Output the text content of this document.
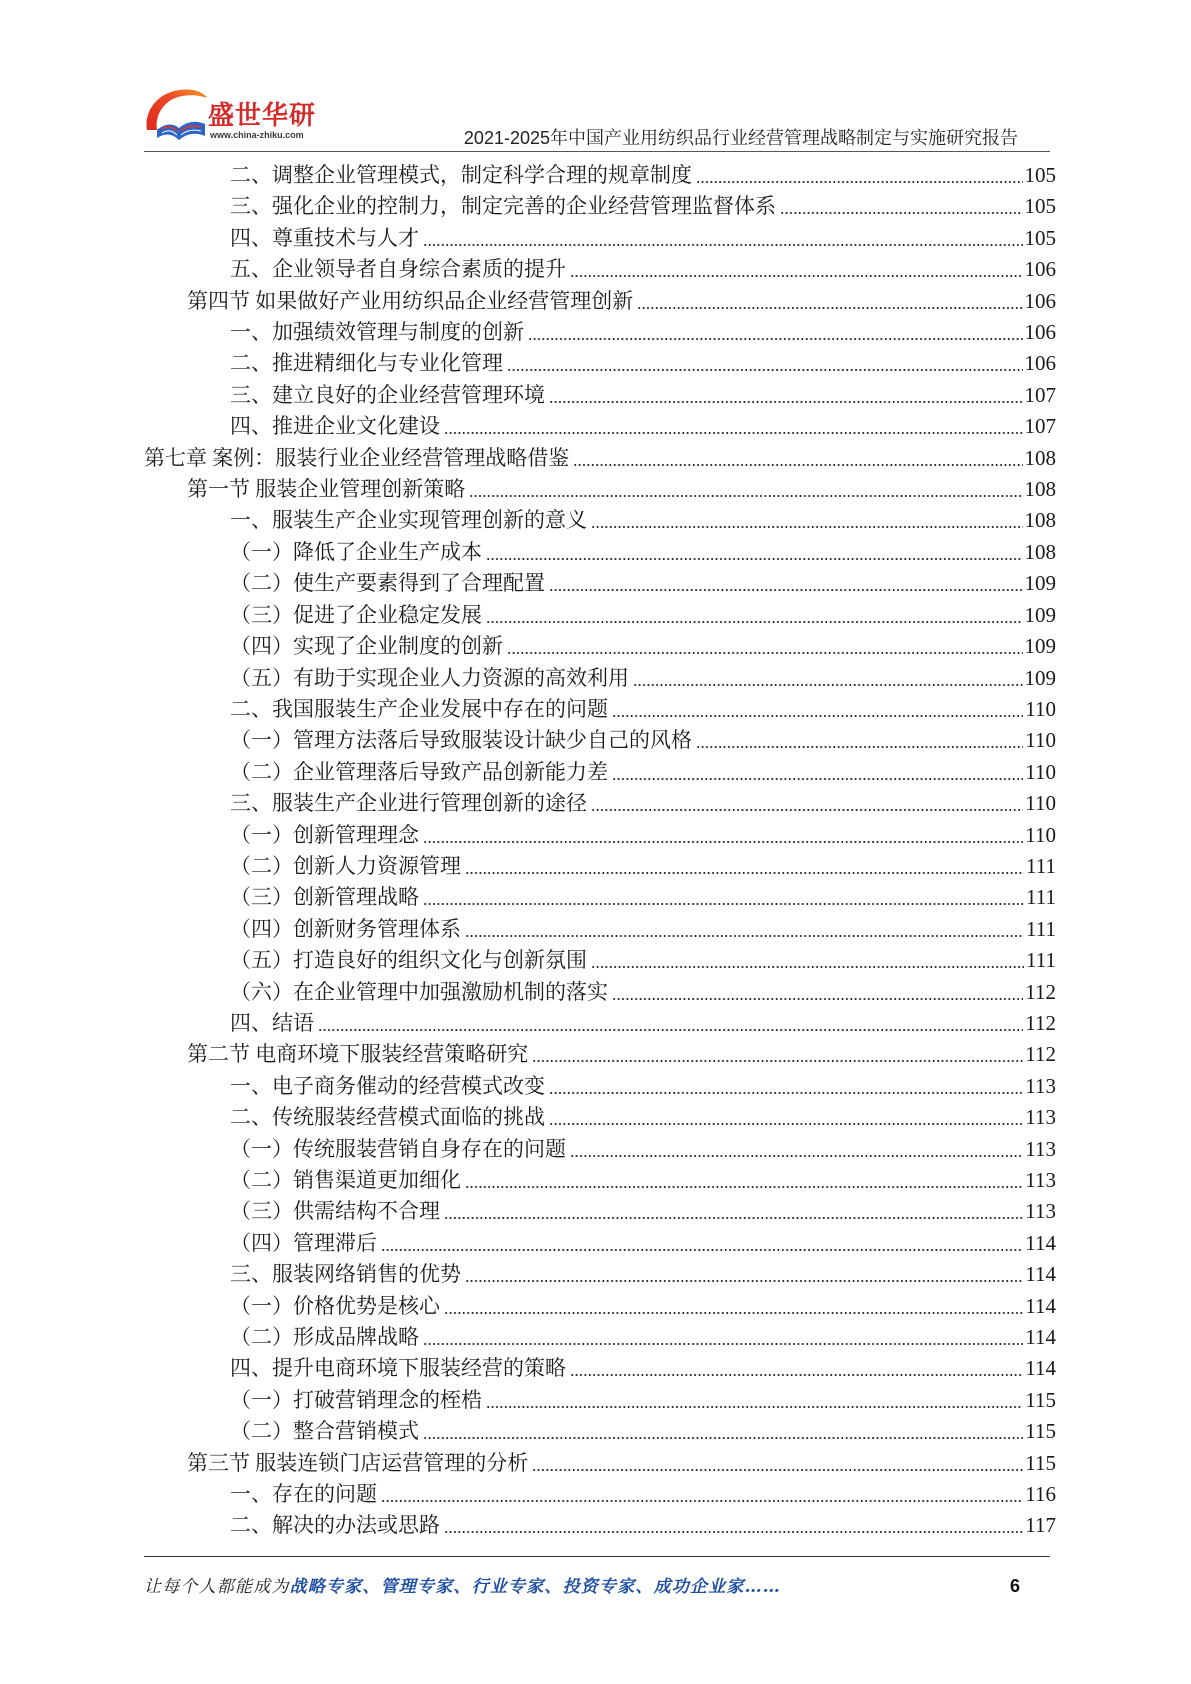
盛世华研
www.china-zhiku.com	2021-2025年中国产业用纺织品行业经营管理战略制定与实施研究报告
二、调整企业管理模式，制定科学合理的规章制度	105
三、强化企业的控制力，制定完善的企业经营管理监督体系	105
四、尊重技术与人才	105
五、企业领导者自身综合素质的提升	106
第四节 如果做好产业用纺织品企业经营管理创新	106
一、加强绩效管理与制度的创新	106
二、推进精细化与专业化管理	106
三、建立良好的企业经营管理环境	107
四、推进企业文化建设	107
第七章 案例：服装行业企业经营管理战略借鉴	108
第一节 服装企业管理创新策略	108
一、服装生产企业实现管理创新的意义	108
（一）降低了企业生产成本	108
（二）使生产要素得到了合理配置	109
（三）促进了企业稳定发展	109
（四）实现了企业制度的创新	109
（五）有助于实现企业人力资源的高效利用	109
二、我国服装生产企业发展中存在的问题	110
（一）管理方法落后导致服装设计缺少自己的风格	110
（二）企业管理落后导致产品创新能力差	110
三、服装生产企业进行管理创新的途径	110
（一）创新管理理念	110
（二）创新人力资源管理	111
（三）创新管理战略	111
（四）创新财务管理体系	111
（五）打造良好的组织文化与创新氛围	111
（六）在企业管理中加强激励机制的落实	112
四、结语	112
第二节 电商环境下服装经营策略研究	112
一、电子商务催动的经营模式改变	113
二、传统服装经营模式面临的挑战	113
（一）传统服装营销自身存在的问题	113
（二）销售渠道更加细化	113
（三）供需结构不合理	113
（四）管理滞后	114
三、服装网络销售的优势	114
（一）价格优势是核心	114
（二）形成品牌战略	114
四、提升电商环境下服装经营的策略	114
（一）打破营销理念的桎梏	115
（二）整合营销模式	115
第三节 服装连锁门店运营管理的分析	115
一、存在的问题	116
二、解决的办法或思路	117
让每个人都能成为战略专家、管理专家、行业专家、投资专家、成功企业家……	6
